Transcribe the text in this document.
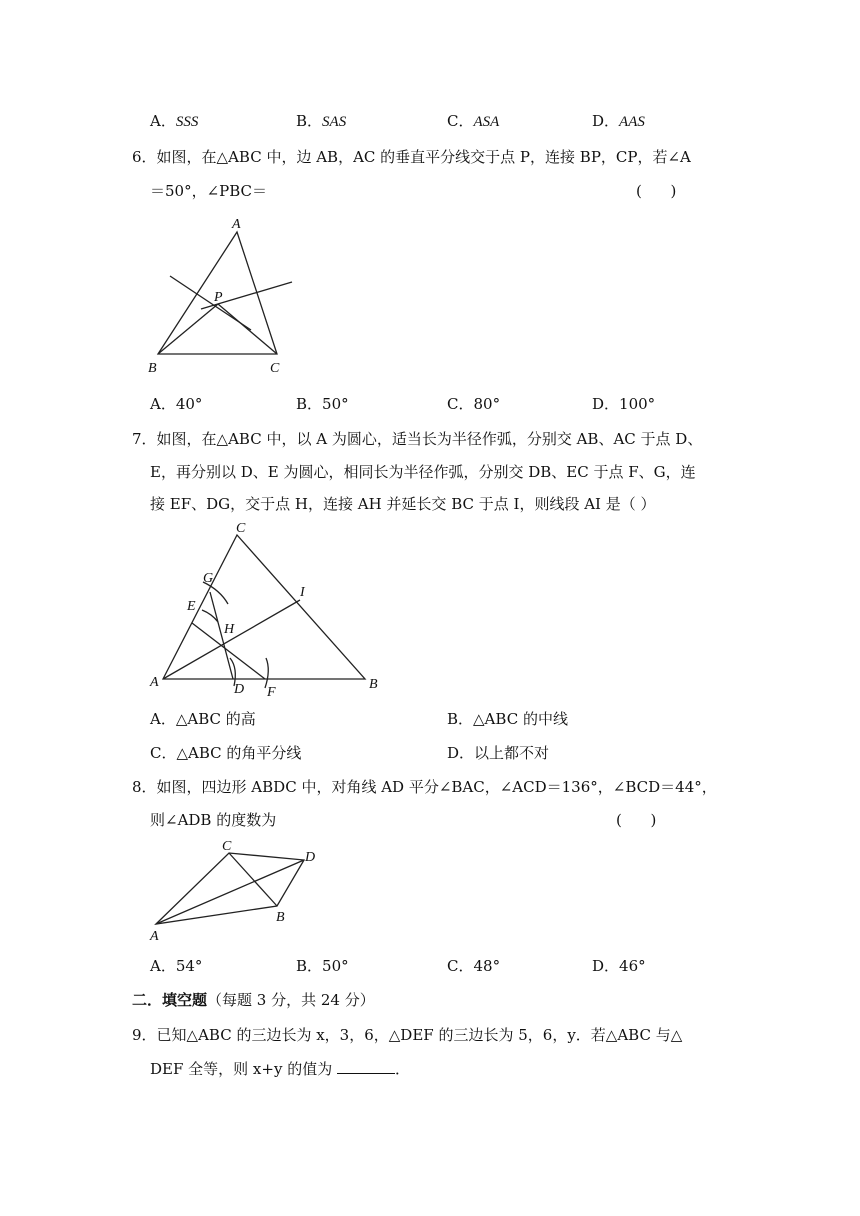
A．SSS	B．SAS	C．ASA	D．AAS
6．如图，在△ABC 中，边 AB，AC 的垂直平分线交于点 P，连接 BP，CP，若∠A
＝50°，∠PBC＝	(      )
A
B	C
P
A．40°	B．50°	C．80°	D．100°
7．如图，在△ABC 中，以 A 为圆心，适当长为半径作弧，分别交 AB、AC 于点 D、
E，再分别以 D、E 为圆心，相同长为半径作弧，分别交 DB、EC 于点 F、G，连
接 EF、DG，交于点 H，连接 AH 并延长交 BC 于点 I，则线段 AI 是（ ）
C
A	B
D
E
F
G
H
I
A．△ABC 的高	B．△ABC 的中线
C．△ABC 的角平分线	D．以上都不对
8．如图，四边形 ABDC 中，对角线 AD 平分∠BAC，∠ACD＝136°，∠BCD＝44°，
则∠ADB 的度数为	(      )
A
B
C
D
A．54°	B．50°	C．48°	D．46°
二．填空题（每题 3 分，共 24 分）
9．已知△ABC 的三边长为 x，3，6，△DEF 的三边长为 5，6，y．若△ABC 与△
DEF 全等，则 x+y 的值为	．
